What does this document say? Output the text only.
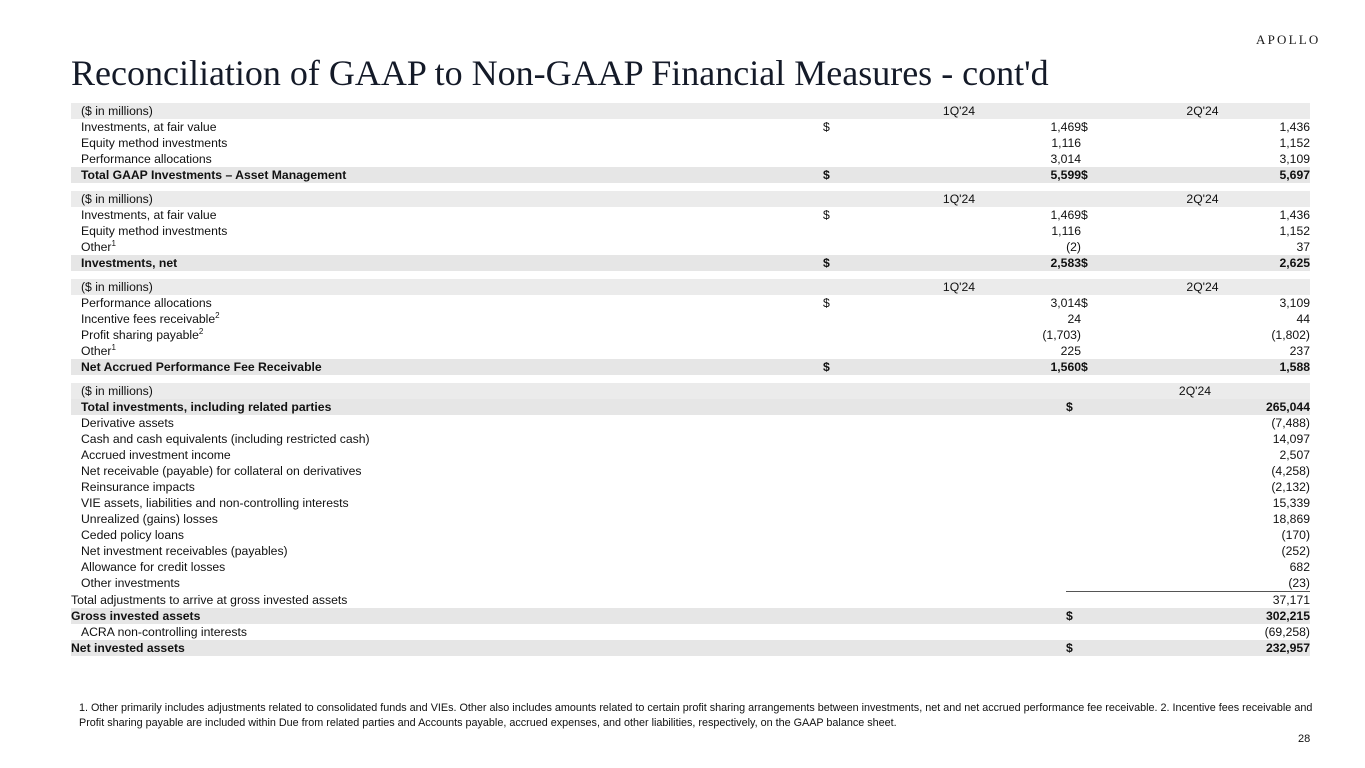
APOLLO
Reconciliation of GAAP to Non-GAAP Financial Measures - cont'd
($ in millions)		1Q'24		2Q'24
Investments, at fair value	$	1,469	$	1,436
Equity method investments		1,116		1,152
Performance allocations		3,014		3,109
Total GAAP Investments – Asset Management	$	5,599	$	5,697
($ in millions)		1Q'24		2Q'24
Investments, at fair value	$	1,469	$	1,436
Equity method investments		1,116		1,152
Other$^1$		(2)		37
Investments, net	$	2,583	$	2,625
($ in millions)		1Q'24		2Q'24
Performance allocations	$	3,014	$	3,109
Incentive fees receivable$^2$		24		44
Profit sharing payable$^2$		(1,703)		(1,802)
Other$^1$		225		237
Net Accrued Performance Fee Receivable	$	1,560	$	1,588
($ in millions)		2Q'24
Total investments, including related parties	$	265,044
Derivative assets		(7,488)
Cash and cash equivalents (including restricted cash)		14,097
Accrued investment income		2,507
Net receivable (payable) for collateral on derivatives		(4,258)
Reinsurance impacts		(2,132)
VIE assets, liabilities and non-controlling interests		15,339
Unrealized (gains) losses		18,869
Ceded policy loans		(170)
Net investment receivables (payables)		(252)
Allowance for credit losses		682
Other investments		(23)
Total adjustments to arrive at gross invested assets		37,171
Gross invested assets	$	302,215
ACRA non-controlling interests		(69,258)
Net invested assets	$	232,957
1. Other primarily includes adjustments related to consolidated funds and VIEs. Other also includes amounts related to certain profit sharing arrangements between investments, net and net accrued performance fee receivable. 2. Incentive fees receivable and Profit sharing payable are included within Due from related parties and Accounts payable, accrued expenses, and other liabilities, respectively, on the GAAP balance sheet.
28
